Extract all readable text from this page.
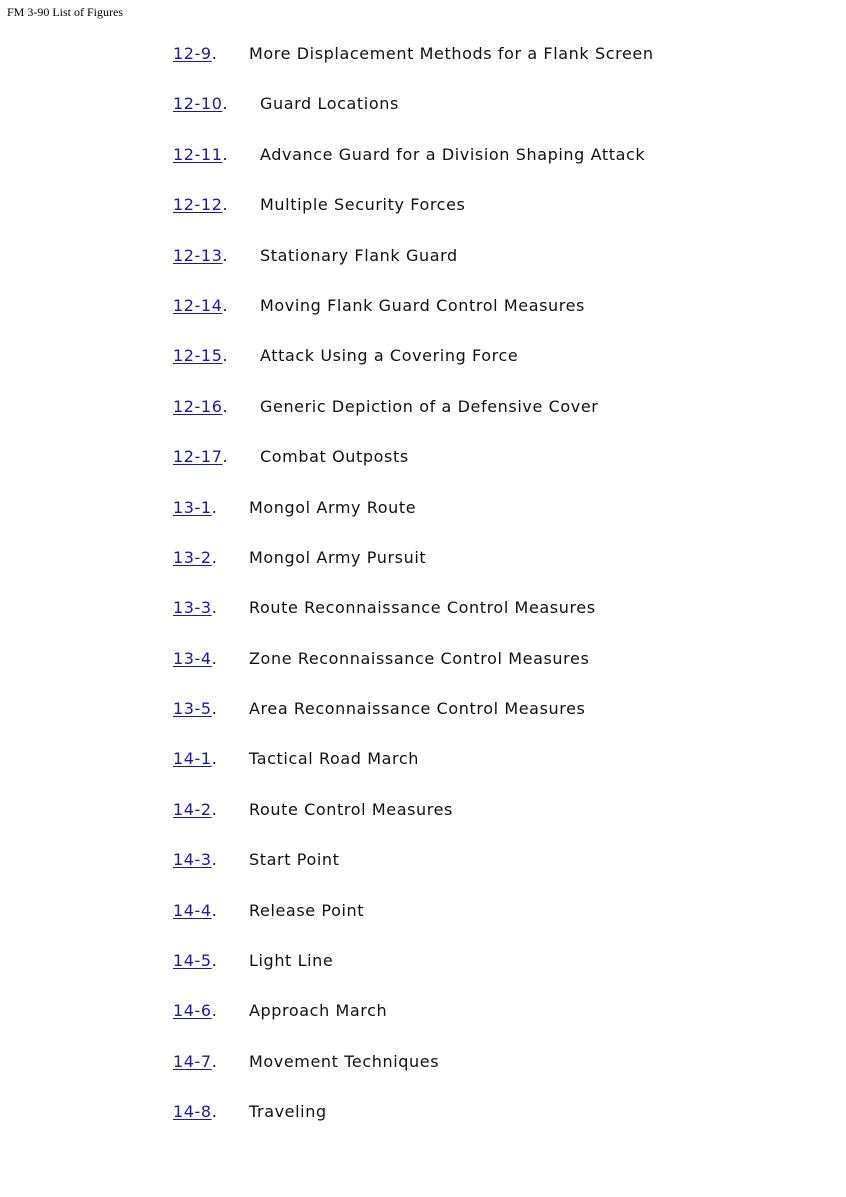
FM 3-90 List of Figures
12-9.	More Displacement Methods for a Flank Screen
12-10.	Guard Locations
12-11.	Advance Guard for a Division Shaping Attack
12-12.	Multiple Security Forces
12-13.	Stationary Flank Guard
12-14.	Moving Flank Guard Control Measures
12-15.	Attack Using a Covering Force
12-16.	Generic Depiction of a Defensive Cover
12-17.	Combat Outposts
13-1.	Mongol Army Route
13-2.	Mongol Army Pursuit
13-3.	Route Reconnaissance Control Measures
13-4.	Zone Reconnaissance Control Measures
13-5.	Area Reconnaissance Control Measures
14-1.	Tactical Road March
14-2.	Route Control Measures
14-3.	Start Point
14-4.	Release Point
14-5.	Light Line
14-6.	Approach March
14-7.	Movement Techniques
14-8.	Traveling
